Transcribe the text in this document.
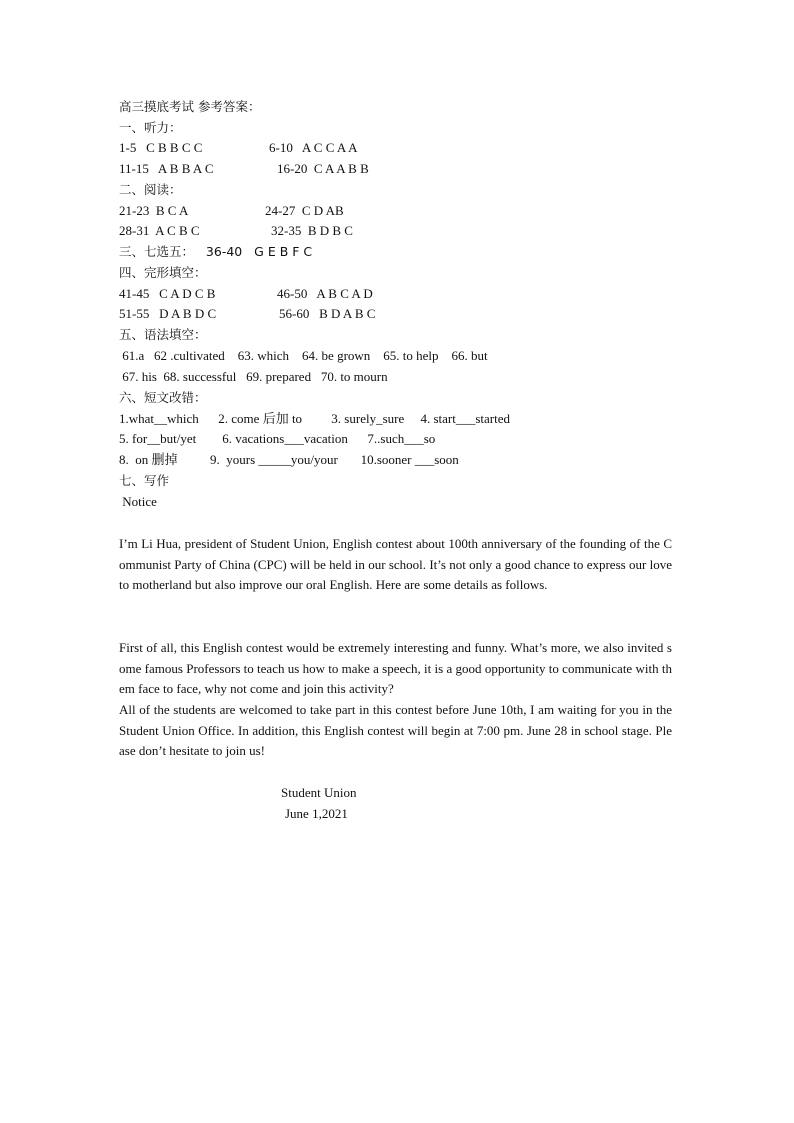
高三摸底考试 参考答案：
一、听力：
1-5   C B B C C	6-10   A C C A A
11-15   A B B A C	16-20  C A A B B
二、阅读：
21-23  B C A	24-27  C D AB
28-31  A C B C	32-35  B D B C
三、七选五：   36-40   G E B F C
四、完形填空：
41-45   C A D C B	46-50   A B C A D
51-55   D A B D C	56-60   B D A B C
五、语法填空：
61.a   62 .cultivated    63. which    64. be grown    65. to help    66. but
67. his  68. successful   69. prepared   70. to mourn
六、短文改错：
1.what__which      2. come 后加 to         3. surely_sure     4. start___started
5. for__but/yet        6. vacations___vacation      7..such___so
8.  on 删掉          9.  yours _____you/your       10.sooner ___soon
七、写作
Notice
I’m Li Hua, president of Student Union, English contest about 100th anniversary of the founding of the Communist Party of China (CPC) will be held in our school. It’s not only a good chance to express our love to motherland but also improve our oral English. Here are some details as follows.
First of all, this English contest would be extremely interesting and funny. What’s more, we also invited some famous Professors to teach us how to make a speech, it is a good opportunity to communicate with them face to face, why not come and join this activity?
All of the students are welcomed to take part in this contest before June 10th, I am waiting for you in the Student Union Office. In addition, this English contest will begin at 7:00 pm. June 28 in school stage. Please don’t hesitate to join us!
Student Union
June 1,2021
